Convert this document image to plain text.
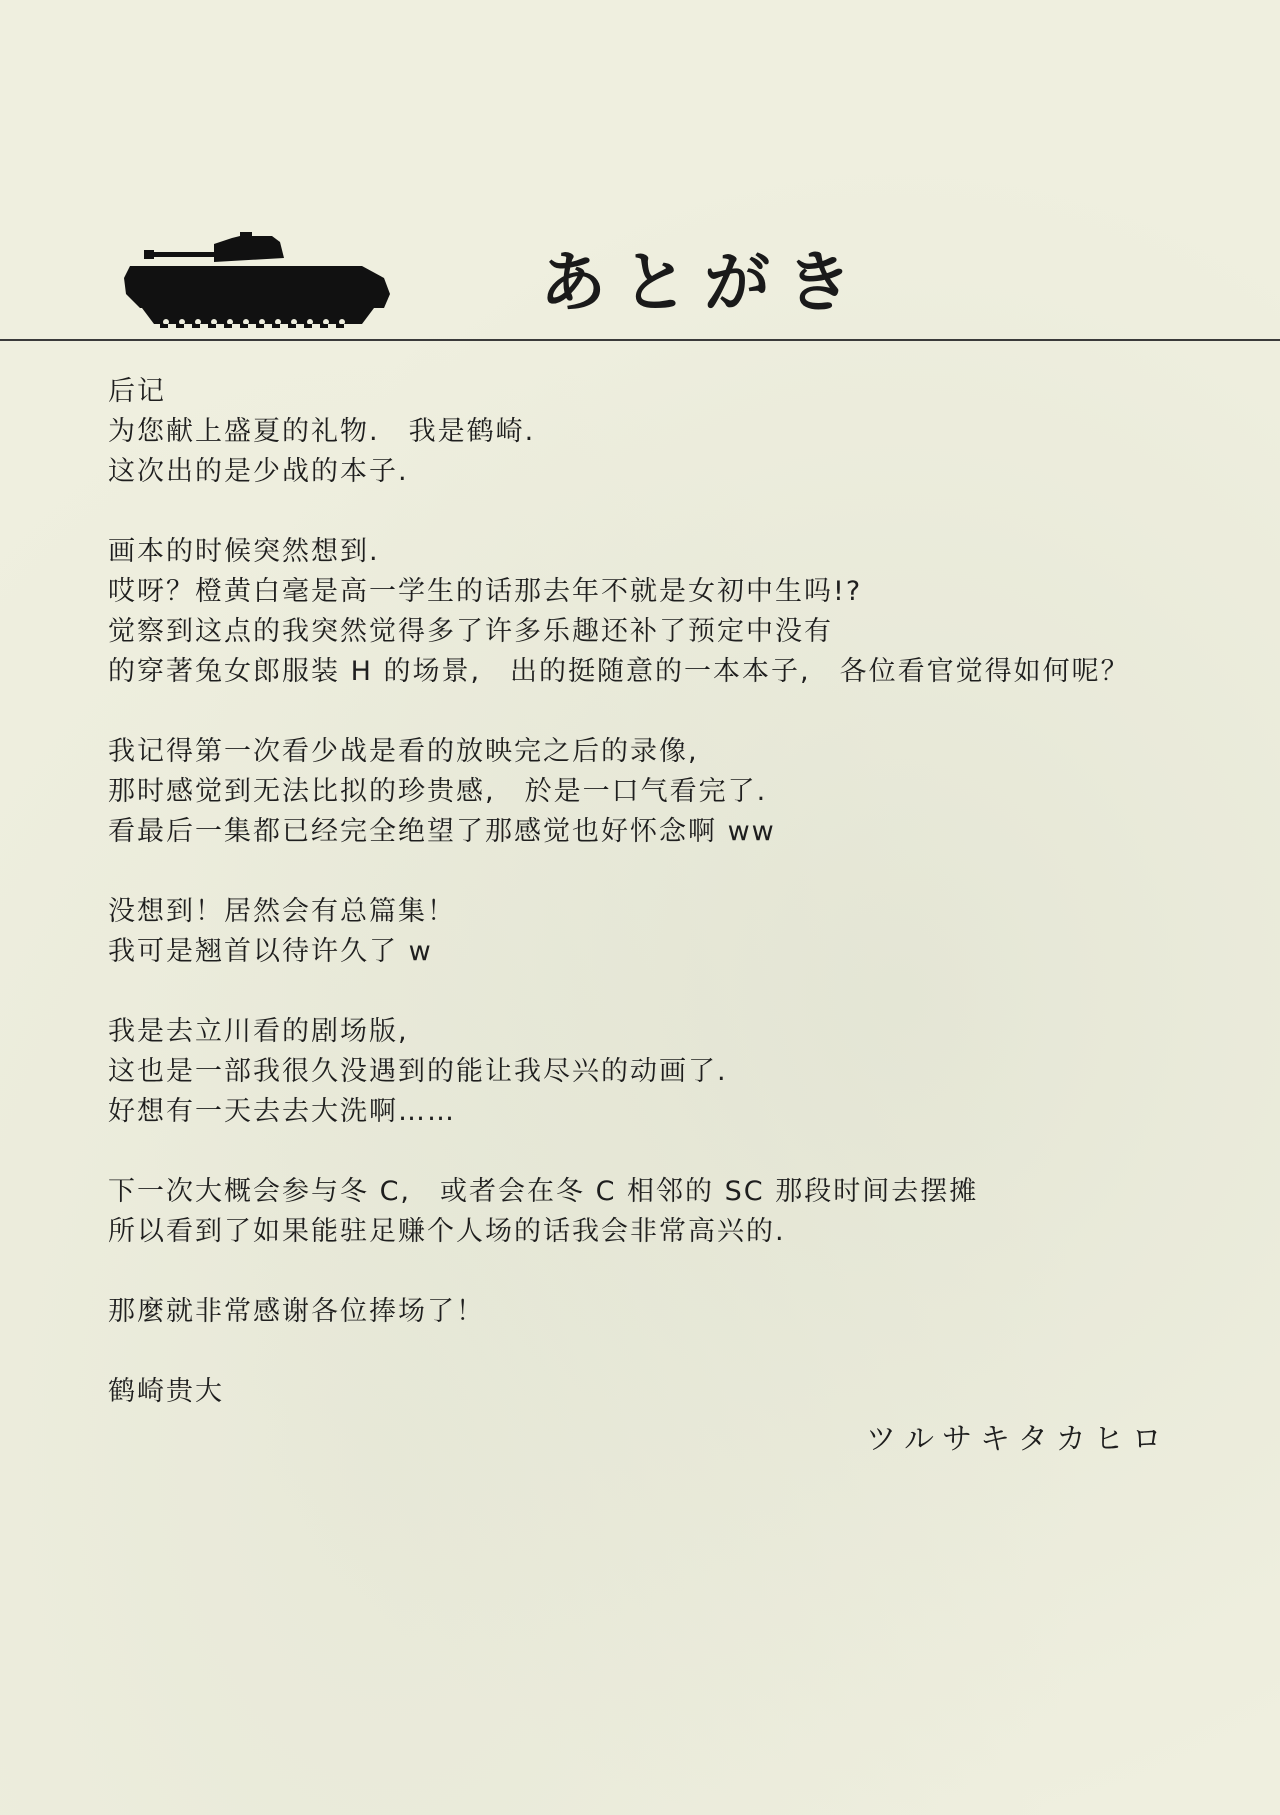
あとがき
后记
为您献上盛夏的礼物.　我是鹤崎.
这次出的是少战的本子.
画本的时候突然想到.
哎呀？橙黄白毫是高一学生的话那去年不就是女初中生吗!?
觉察到这点的我突然觉得多了许多乐趣还补了预定中没有
的穿著兔女郎服装 H 的场景,　出的挺随意的一本本子,　各位看官觉得如何呢？
我记得第一次看少战是看的放映完之后的录像,
那时感觉到无法比拟的珍贵感,　於是一口气看完了.
看最后一集都已经完全绝望了那感觉也好怀念啊 ww
没想到！居然会有总篇集！
我可是翘首以待许久了 w
我是去立川看的剧场版,
这也是一部我很久没遇到的能让我尽兴的动画了.
好想有一天去去大洗啊……
下一次大概会参与冬 C,　或者会在冬 C 相邻的 SC 那段时间去摆摊
所以看到了如果能驻足赚个人场的话我会非常高兴的.
那麼就非常感谢各位捧场了！
鹤崎贵大
ツルサキタカヒロ
